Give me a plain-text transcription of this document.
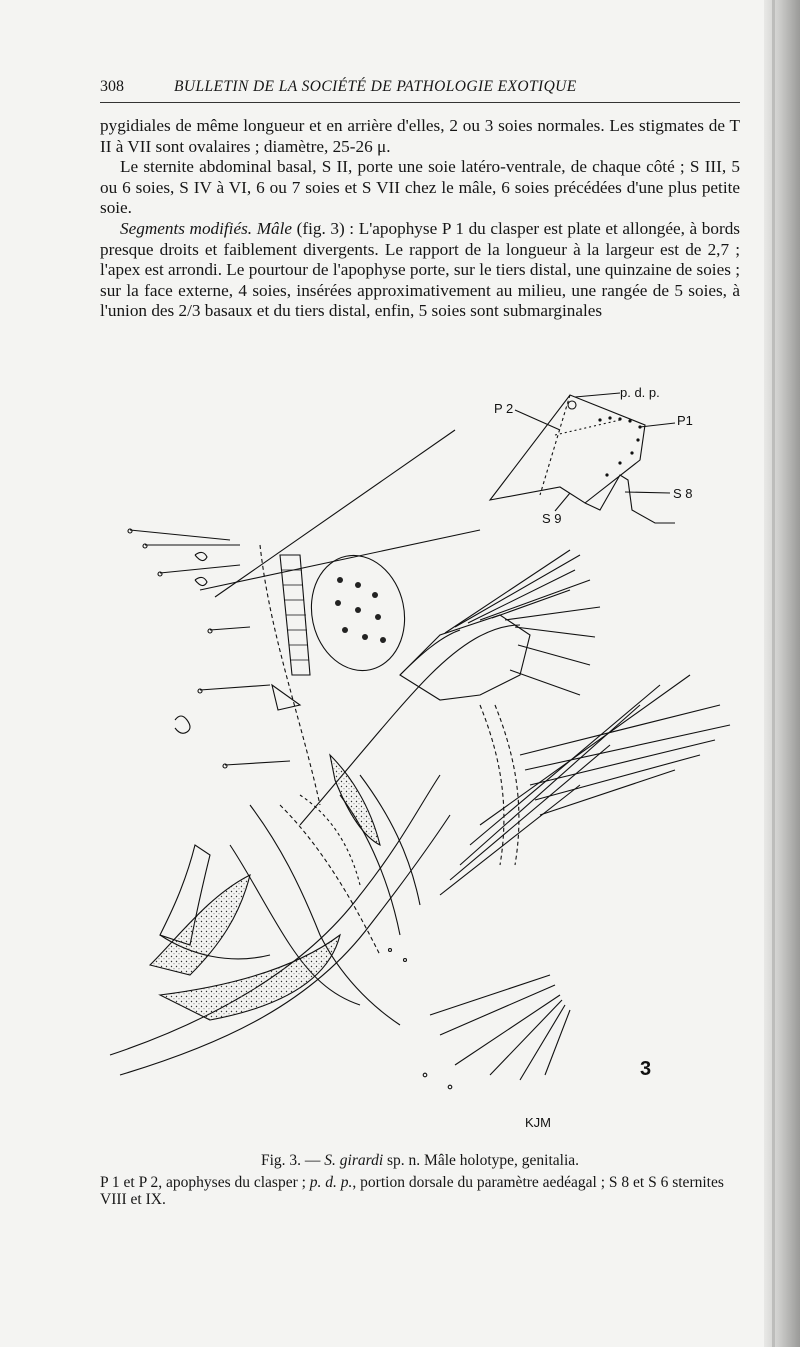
308	BULLETIN DE LA SOCIÉTÉ DE PATHOLOGIE EXOTIQUE

pygidiales de même longueur et en arrière d'elles, 2 ou 3 soies normales. Les stigmates de T II à VII sont ovalaires ; diamètre, 25-26 μ.

Le sternite abdominal basal, S II, porte une soie latéro-ventrale, de chaque côté ; S III, 5 ou 6 soies, S IV à VI, 6 ou 7 soies et S VII chez le mâle, 6 soies précédées d'une plus petite soie.

Segments modifiés. Mâle (fig. 3) : L'apophyse P 1 du clasper est plate et allongée, à bords presque droits et faiblement divergents. Le rapport de la longueur à la largeur est de 2,7 ; l'apex est arrondi. Le pourtour de l'apophyse porte, sur le tiers distal, une quinzaine de soies ; sur la face externe, 4 soies, insérées approximativement au milieu, une rangée de 5 soies, à l'union des 2/3 basaux et du tiers distal, enfin, 5 soies sont submarginales

p. d. p.
P 2
P1
S 8
S 9
3
KJM

Fig. 3. — S. girardi sp. n. Mâle holotype, genitalia.

P 1 et P 2, apophyses du clasper ; p. d. p., portion dorsale du paramètre aedéagal ; S 8 et S 6 sternites VIII et IX.
